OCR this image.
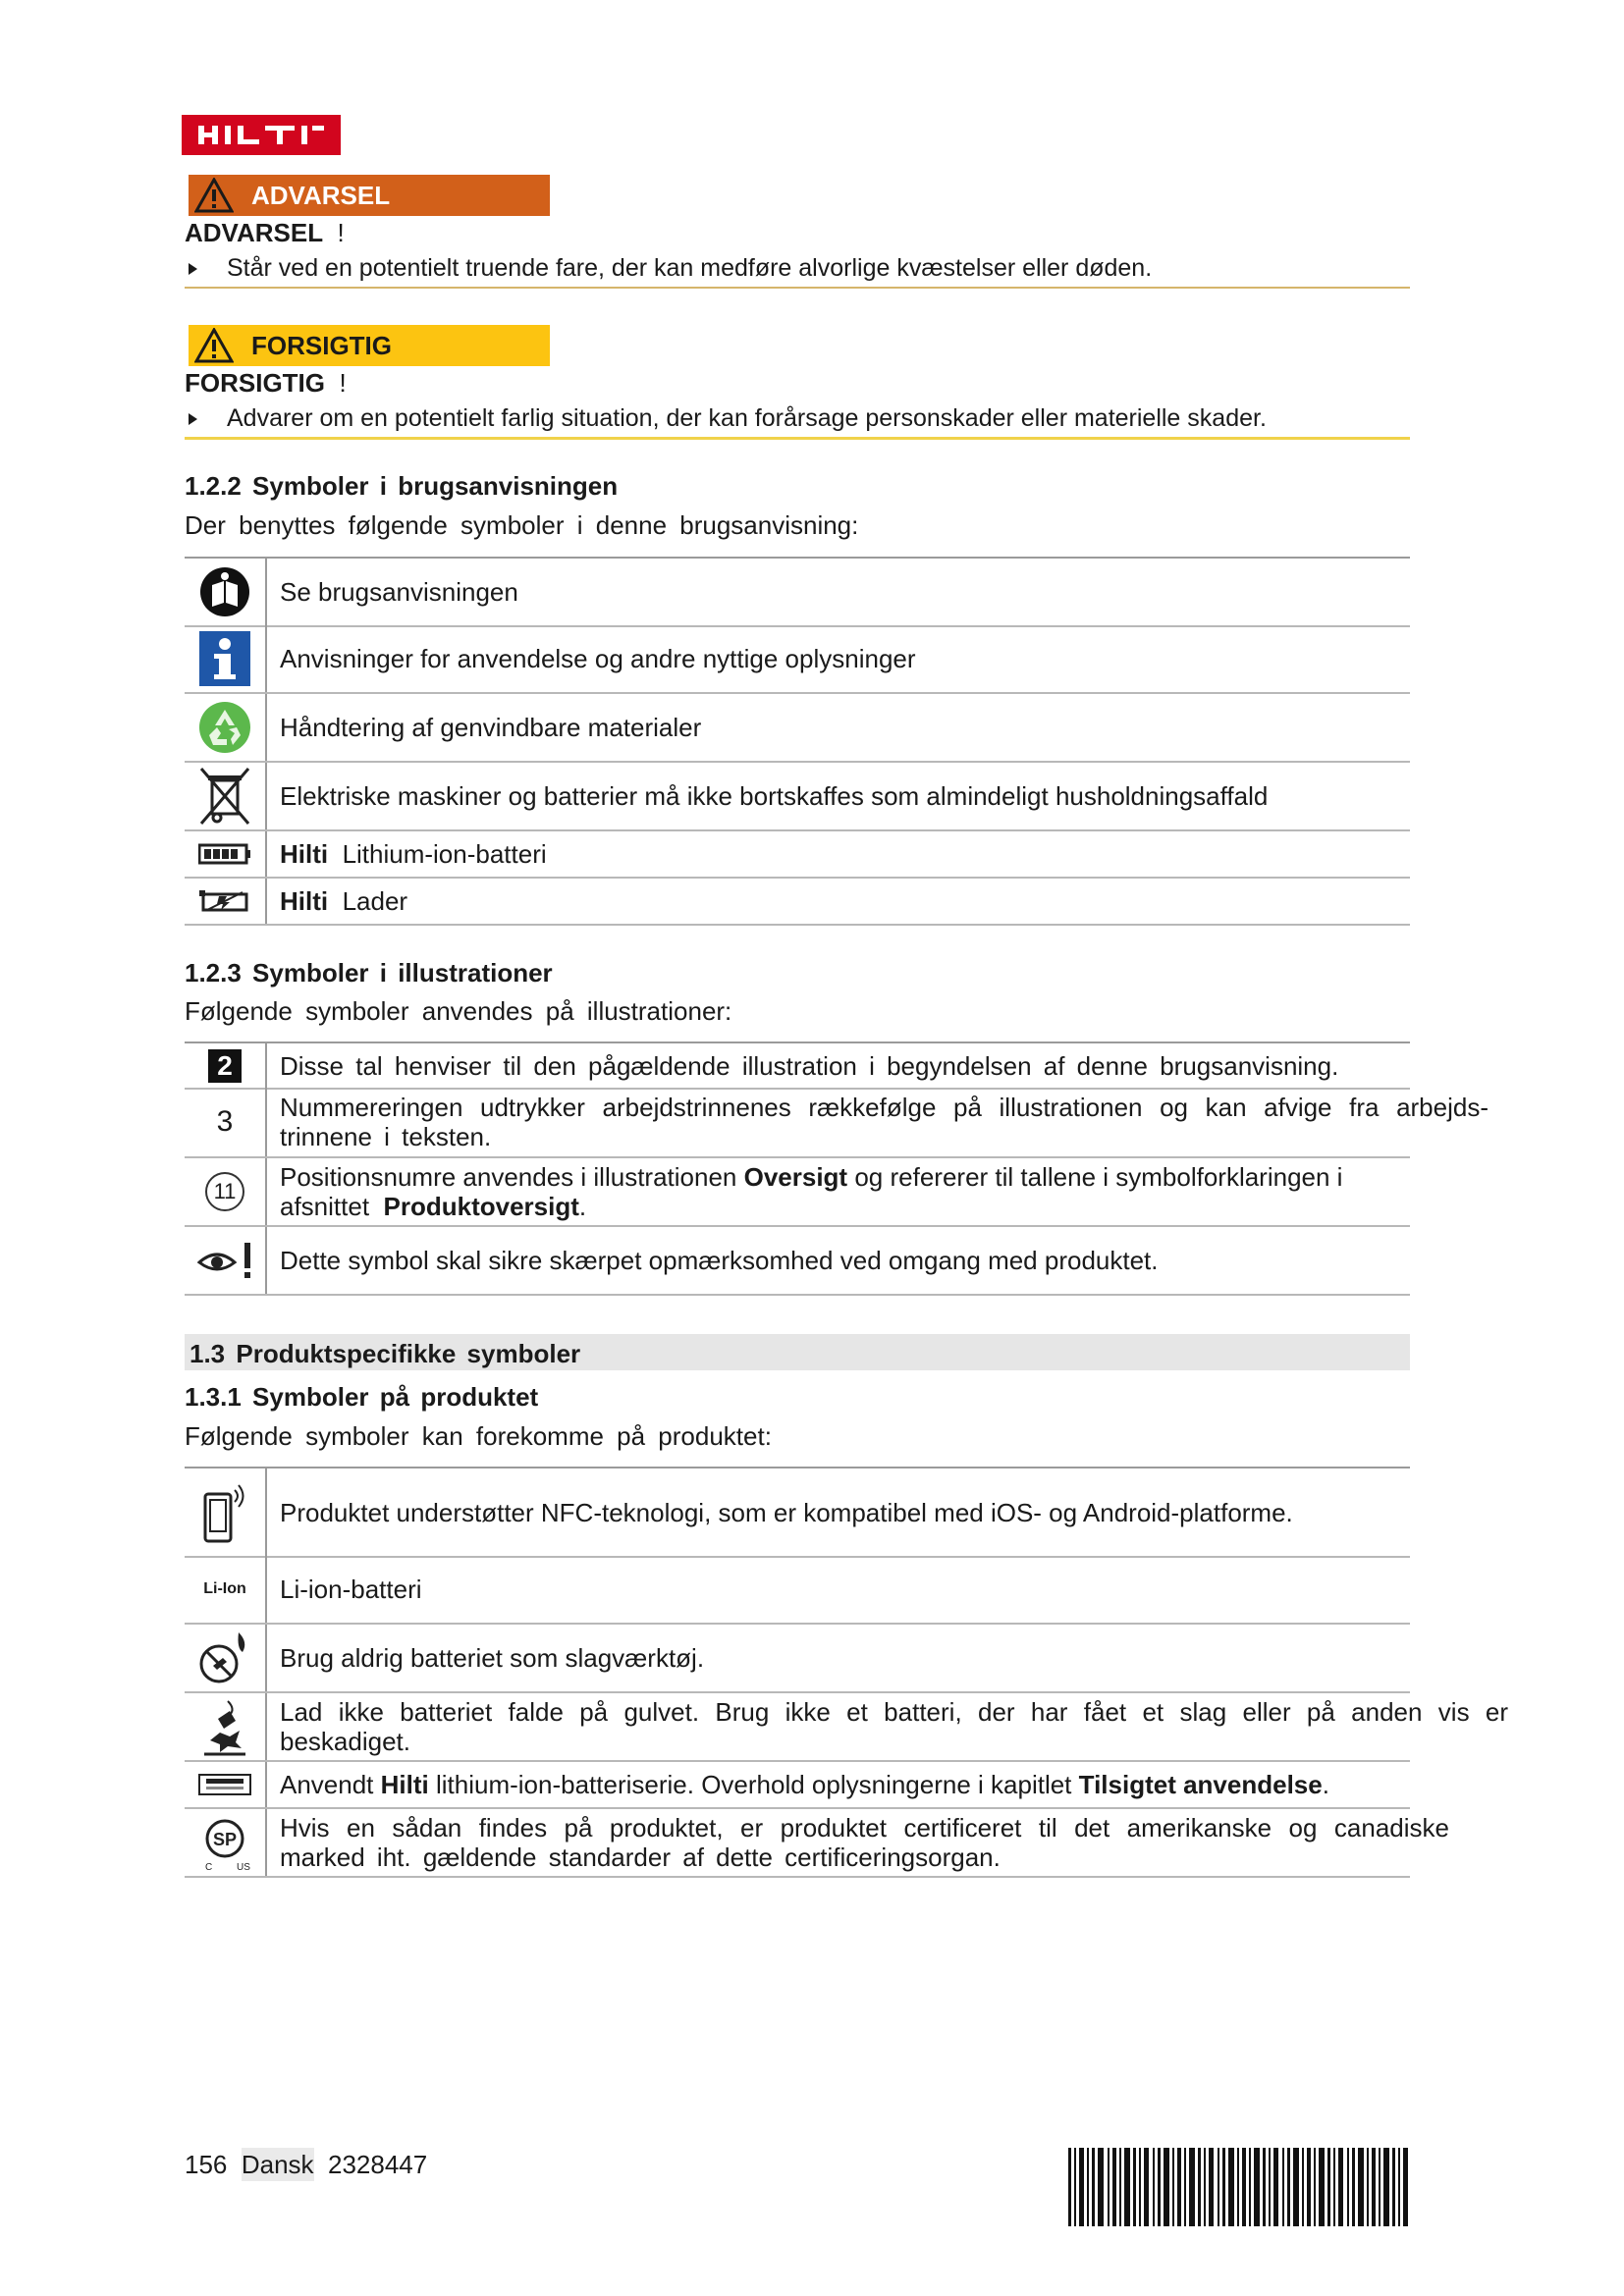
ADVARSEL
ADVARSEL !
Står ved en potentielt truende fare, der kan medføre alvorlige kvæstelser eller døden.
FORSIGTIG
FORSIGTIG !
Advarer om en potentielt farlig situation, der kan forårsage personskader eller materielle skader.
1.2.2 Symboler i brugsanvisningen
Der benyttes følgende symboler i denne brugsanvisning:
Se brugsanvisningen
Anvisninger for anvendelse og andre nyttige oplysninger
Håndtering af genvindbare materialer
Elektriske maskiner og batterier må ikke bortskaffes som almindeligt husholdningsaffald
Hilti Lithium-ion-batteri
Hilti Lader
1.2.3 Symboler i illustrationer
Følgende symboler anvendes på illustrationer:
2 Disse tal henviser til den pågældende illustration i begyndelsen af denne brugsanvisning.
3 Nummereringen udtrykker arbejdstrinnenes rækkefølge på illustrationen og kan afvige fra arbejds-trinnene i teksten.
11 Positionsnumre anvendes i illustrationen Oversigt og refererer til tallene i symbolforklaringen i afsnittet Produktoversigt.
Dette symbol skal sikre skærpet opmærksomhed ved omgang med produktet.
1.3 Produktspecifikke symboler
1.3.1 Symboler på produktet
Følgende symboler kan forekomme på produktet:
Produktet understøtter NFC-teknologi, som er kompatibel med iOS- og Android-platforme.
Li-Ion Li-ion-batteri
Brug aldrig batteriet som slagværktøj.
Lad ikke batteriet falde på gulvet. Brug ikke et batteri, der har fået et slag eller på anden vis er beskadiget.
Anvendt Hilti lithium-ion-batteriserie. Overhold oplysningerne i kapitlet Tilsigtet anvendelse.
SP
C US
Hvis en sådan findes på produktet, er produktet certificeret til det amerikanske og canadiske marked iht. gældende standarder af dette certificeringsorgan.
156 Dansk 2328447
